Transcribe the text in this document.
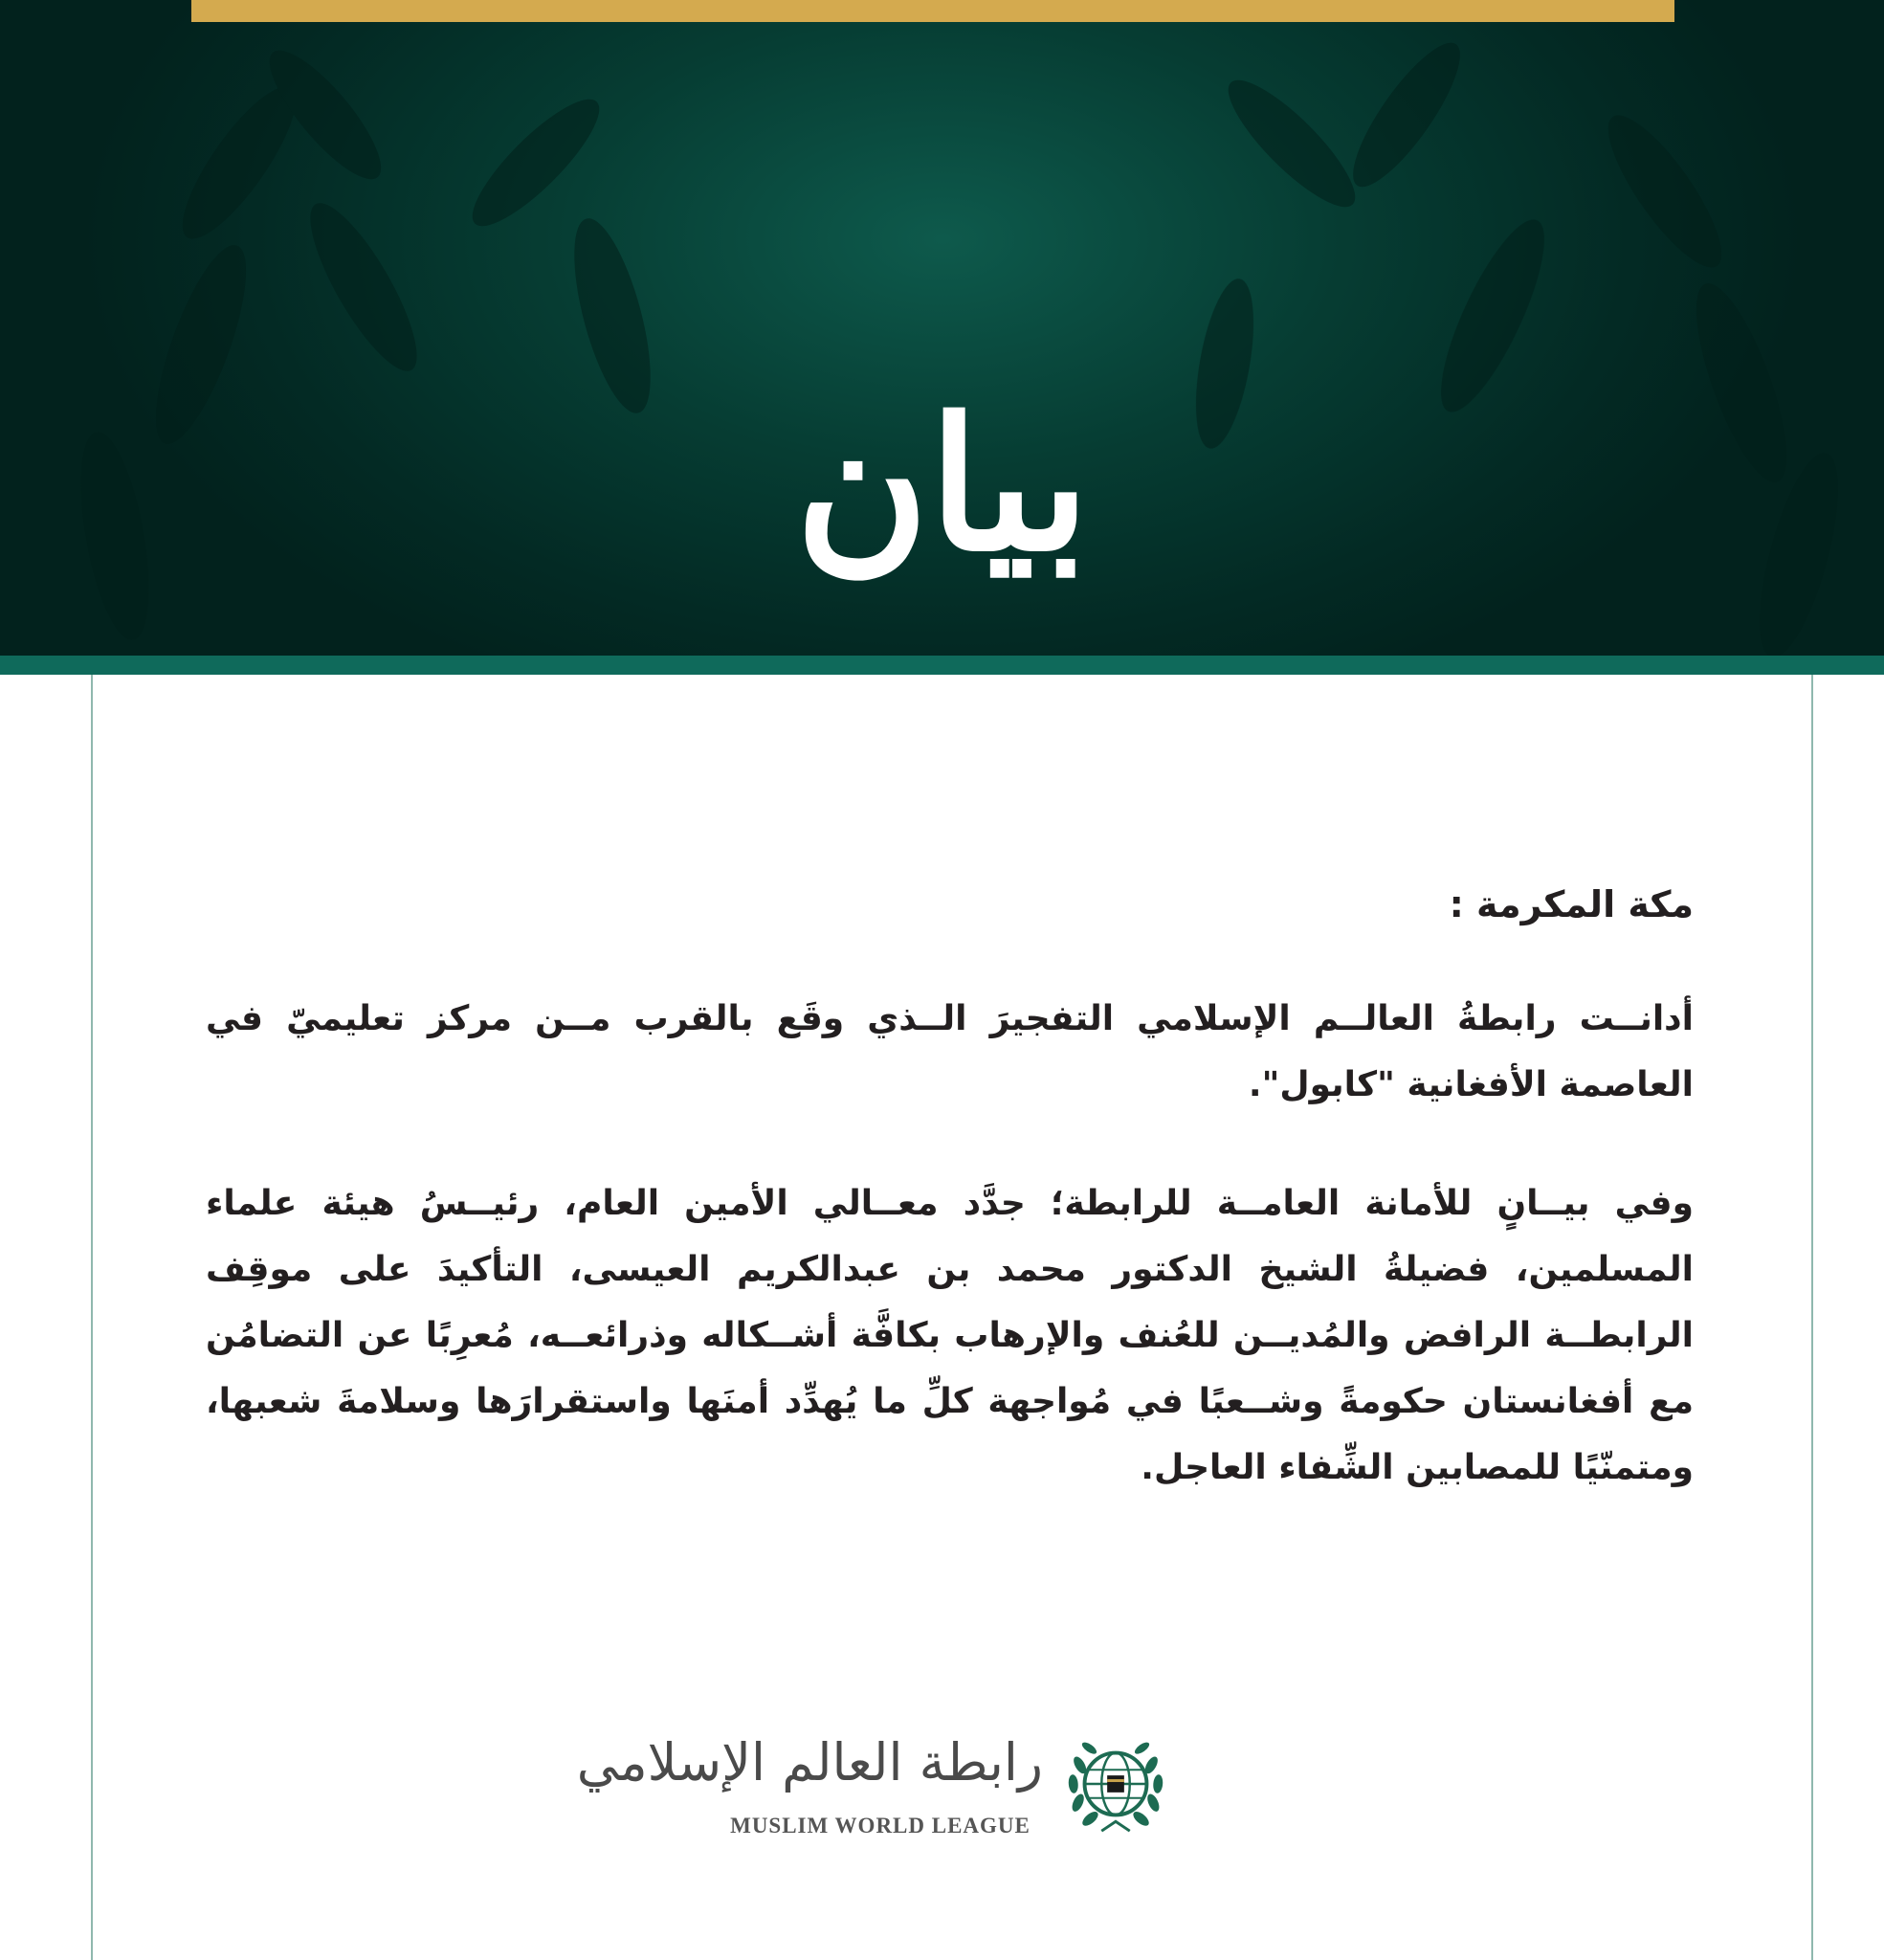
بيان
مكة المكرمة :

أدانــت رابطةُ العالــم الإسلامي التفجيرَ الــذي وقَع بالقرب مــن مركز تعليميّ في العاصمة الأفغانية "كابول".

وفي بيــانٍ للأمانة العامــة للرابطة؛ جدَّد معــالي الأمين العام، رئيــسُ هيئة علماء المسلمين، فضيلةُ الشيخ الدكتور محمد بن عبدالكريم العيسى، التأكيدَ على موقِف الرابطــة الرافض والمُديــن للعُنف والإرهاب بكافَّة أشــكاله وذرائعــه، مُعرِبًا عن التضامُن مع أفغانستان حكومةً وشــعبًا في مُواجهة كلِّ ما يُهدِّد أمنَها واستقرارَها وسلامةَ شعبها، ومتمنّيًا للمصابين الشِّفاء العاجل.

رابطة العالم الإسلامي
MUSLIM WORLD LEAGUE
